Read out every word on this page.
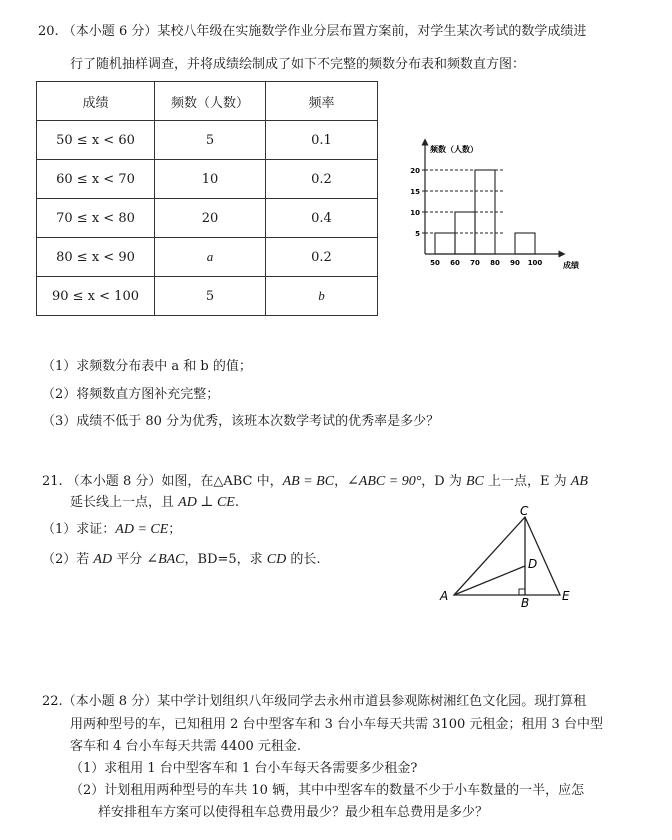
20. （本小题 6 分）某校八年级在实施数学作业分层布置方案前，对学生某次考试的数学成绩进
行了随机抽样调查，并将成绩绘制成了如下不完整的频数分布表和频数直方图：
成绩	频数（人数）	频率
50 ≤ x < 60	5	0.1
60 ≤ x < 70	10	0.2
70 ≤ x < 80	20	0.4
80 ≤ x < 90	a	0.2
90 ≤ x < 100	5	b
频数（人数）
成绩
20
15
10
5
50 60 70 80 90 100
（1）求频数分布表中 a 和 b 的值；
（2）将频数直方图补充完整；
（3）成绩不低于 80 分为优秀，该班本次数学考试的优秀率是多少？
21. （本小题 8 分）如图，在△ABC 中，AB = BC，∠ABC = 90°，D 为 BC 上一点，E 为 AB
延长线上一点，且 AD ⊥ CE.
（1）求证：AD = CE；
（2）若 AD 平分 ∠BAC，BD=5，求 CD 的长.
C
D
A	B	E
22.（本小题 8 分）某中学计划组织八年级同学去永州市道县参观陈树湘红色文化园。现打算租
用两种型号的车，已知租用 2 台中型客车和 3 台小车每天共需 3100 元租金；租用 3 台中型
客车和 4 台小车每天共需 4400 元租金.
（1）求租用 1 台中型客车和 1 台小车每天各需要多少租金?
（2）计划租用两种型号的车共 10 辆，其中中型客车的数量不少于小车数量的一半，应怎
样安排租车方案可以使得租车总费用最少？最少租车总费用是多少？
